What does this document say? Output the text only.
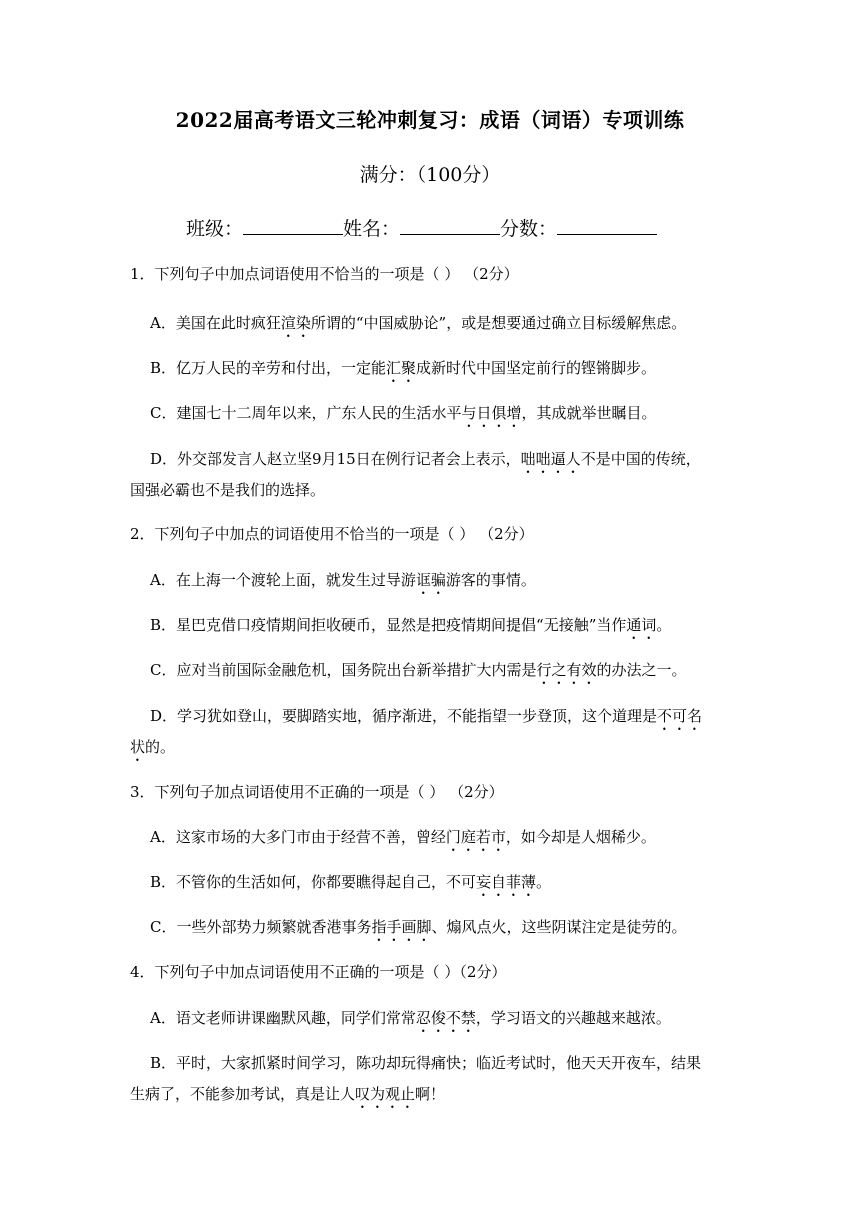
2022届高考语文三轮冲刺复习：成语（词语）专项训练
满分：（100分）
班级：	姓名：	分数：
1．下列句子中加点词语使用不恰当的一项是（ ） （2分）
A．美国在此时疯狂渲染所谓的“中国威胁论”，或是想要通过确立目标缓解焦虑。
B．亿万人民的辛劳和付出，一定能汇聚成新时代中国坚定前行的铿锵脚步。
C．建国七十二周年以来，广东人民的生活水平与日俱增，其成就举世瞩目。
D．外交部发言人赵立坚9月15日在例行记者会上表示，咄咄逼人不是中国的传统，
国强必霸也不是我们的选择。
2．下列句子中加点的词语使用不恰当的一项是（ ） （2分）
A．在上海一个渡轮上面，就发生过导游诓骗游客的事情。
B．星巴克借口疫情期间拒收硬币，显然是把疫情期间提倡“无接触”当作通词。
C．应对当前国际金融危机，国务院出台新举措扩大内需是行之有效的办法之一。
D．学习犹如登山，要脚踏实地，循序渐进，不能指望一步登顶，这个道理是不可名
状的。
3．下列句子加点词语使用不正确的一项是（ ） （2分）
A．这家市场的大多门市由于经营不善，曾经门庭若市，如今却是人烟稀少。
B．不管你的生活如何，你都要瞧得起自己，不可妄自菲薄。
C．一些外部势力频繁就香港事务指手画脚、煽风点火，这些阴谋注定是徒劳的。
4．下列句子中加点词语使用不正确的一项是（ ）（2分）
A．语文老师讲课幽默风趣，同学们常常忍俊不禁，学习语文的兴趣越来越浓。
B．平时，大家抓紧时间学习，陈功却玩得痛快；临近考试时，他天天开夜车，结果
生病了，不能参加考试，真是让人叹为观止啊！
